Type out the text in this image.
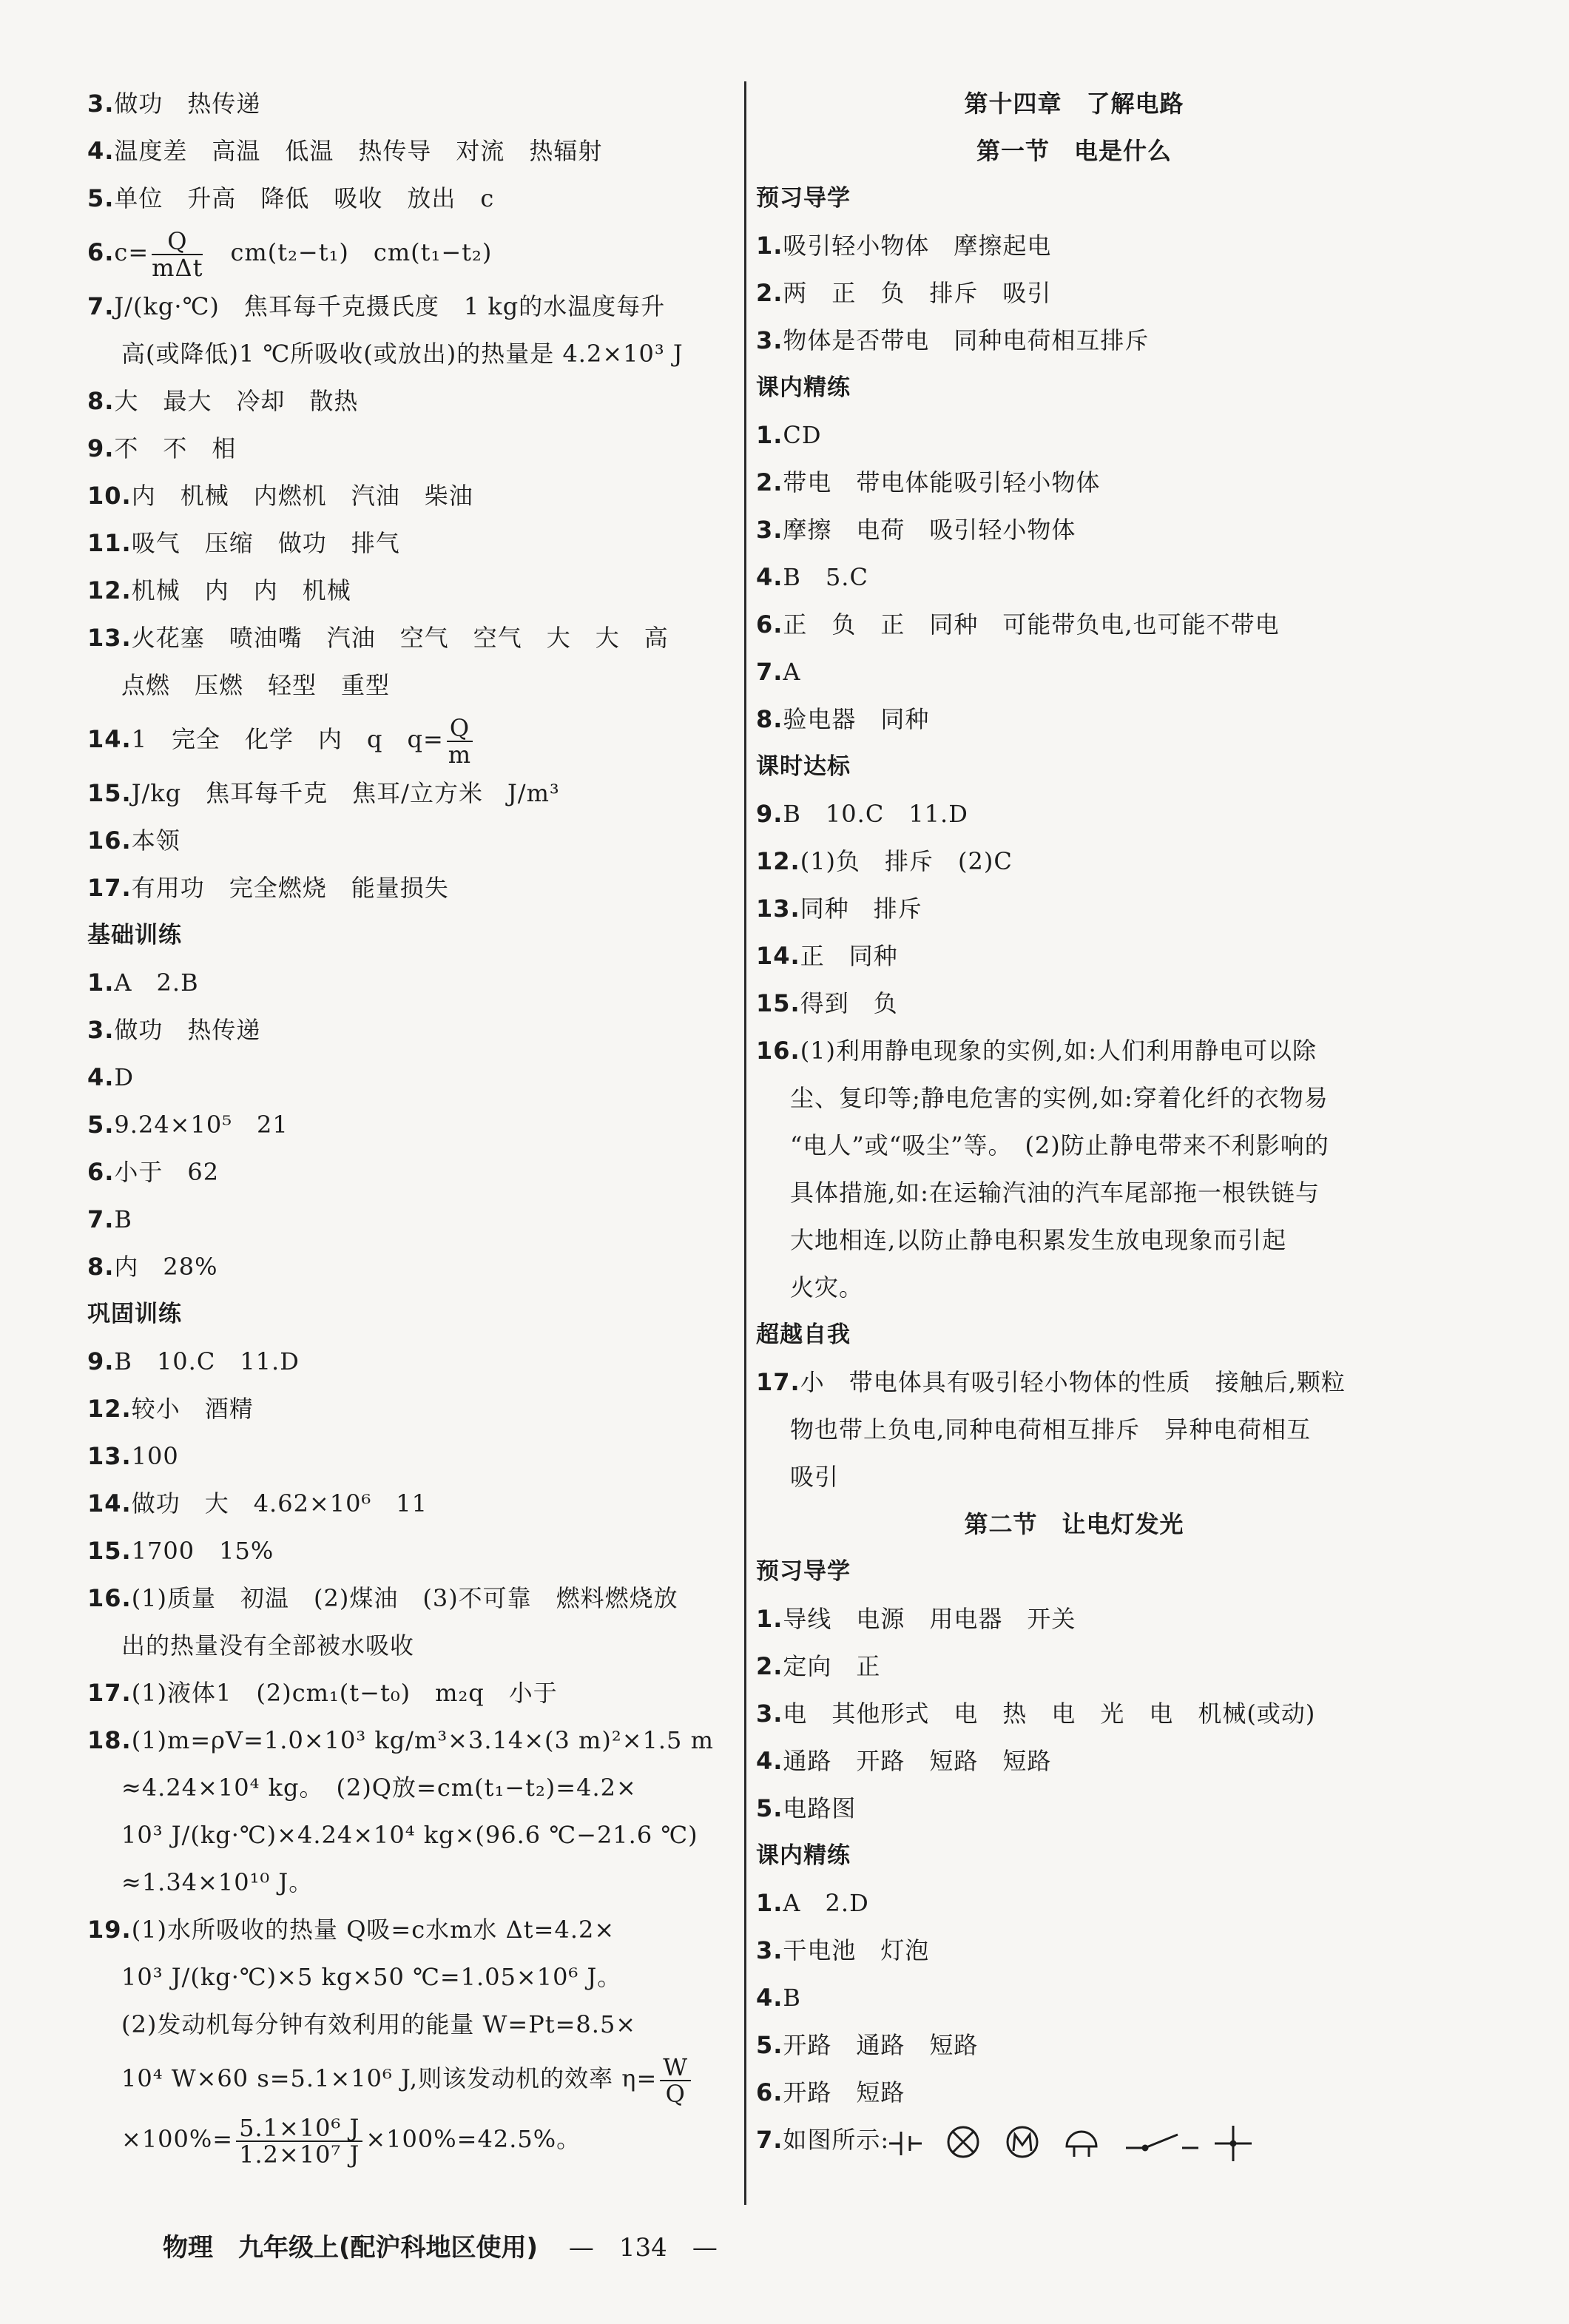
3.做功　热传递
4.温度差　高温　低温　热传导　对流　热辐射
5.单位　升高　降低　吸收　放出　c
$6.c= \frac{Q}{\text{mΔt}}$ 　cm(t₂−t₁)　cm(t₁−t₂)
7.J/(kg·℃)　焦耳每千克摄氏度　1 kg的水温度每升
高(或降低)1 ℃所吸收(或放出)的热量是 4.2×10³ J
8.大　最大　冷却　散热
9.不　不　相
10.内　机械　内燃机　汽油　柴油
11.吸气　压缩　做功　排气
12.机械　内　内　机械
13.火花塞　喷油嘴　汽油　空气　空气　大　大　高
点燃　压燃　轻型　重型
14.1　完全　化学　内　q　$q= \frac{Q}{m}$
15.J/kg　焦耳每千克　焦耳/立方米　J/m³
16.本领
17.有用功　完全燃烧　能量损失
基础训练
1.A　2.B
3.做功　热传递
4.D
5.9.24×10⁵　21
6.小于　62
7.B
8.内　28%
巩固训练
9.B　10.C　11.D
12.较小　酒精
13.100
14.做功　大　4.62×10⁶　11
15.1700　15%
16.(1)质量　初温　(2)煤油　(3)不可靠　燃料燃烧放
出的热量没有全部被水吸收
17.(1)液体1　(2)cm₁(t−t₀)　m₂q　小于
18.(1)m=ρV=1.0×10³ kg/m³×3.14×(3 m)²×1.5 m
≈4.24×10⁴ kg。　(2)Q放=cm(t₁−t₂)=4.2×
10³ J/(kg·℃)×4.24×10⁴ kg×(96.6 ℃−21.6 ℃)
≈1.34×10¹⁰ J。
19.(1)水所吸收的热量 Q吸=c水m水 Δt=4.2×
10³ J/(kg·℃)×5 kg×50 ℃=1.05×10⁶ J。
(2)发动机每分钟有效利用的能量 W=Pt=8.5×
10⁴ W×60 s=5.1×10⁶ J,则该发动机的效率 $\eta= \frac{W}{Q}$
$\times 100\%= \frac{\text{5.1×10⁶ J}}{\text{1.2×10⁷ J}} \times 100\%=42.5\%$。
第十四章　了解电路
第一节　电是什么
预习导学
1.吸引轻小物体　摩擦起电
2.两　正　负　排斥　吸引
3.物体是否带电　同种电荷相互排斥
课内精练
1.CD
2.带电　带电体能吸引轻小物体
3.摩擦　电荷　吸引轻小物体
4.B　5.C
6.正　负　正　同种　可能带负电,也可能不带电
7.A
8.验电器　同种
课时达标
9.B　10.C　11.D
12.(1)负　排斥　(2)C
13.同种　排斥
14.正　同种
15.得到　负
16.(1)利用静电现象的实例,如:人们利用静电可以除
尘、复印等;静电危害的实例,如:穿着化纤的衣物易
“电人”或“吸尘”等。　(2)防止静电带来不利影响的
具体措施,如:在运输汽油的汽车尾部拖一根铁链与
大地相连,以防止静电积累发生放电现象而引起
火灾。
超越自我
17.小　带电体具有吸引轻小物体的性质　接触后,颗粒
物也带上负电,同种电荷相互排斥　异种电荷相互
吸引
第二节　让电灯发光
预习导学
1.导线　电源　用电器　开关
2.定向　正
3.电　其他形式　电　热　电　光　电　机械(或动)
4.通路　开路　短路　短路
5.电路图
课内精练
1.A　2.D
3.干电池　灯泡
4.B
5.开路　通路　短路
6.开路　短路
7.如图所示:
物理　九年级上(配沪科地区使用) —　134　—
